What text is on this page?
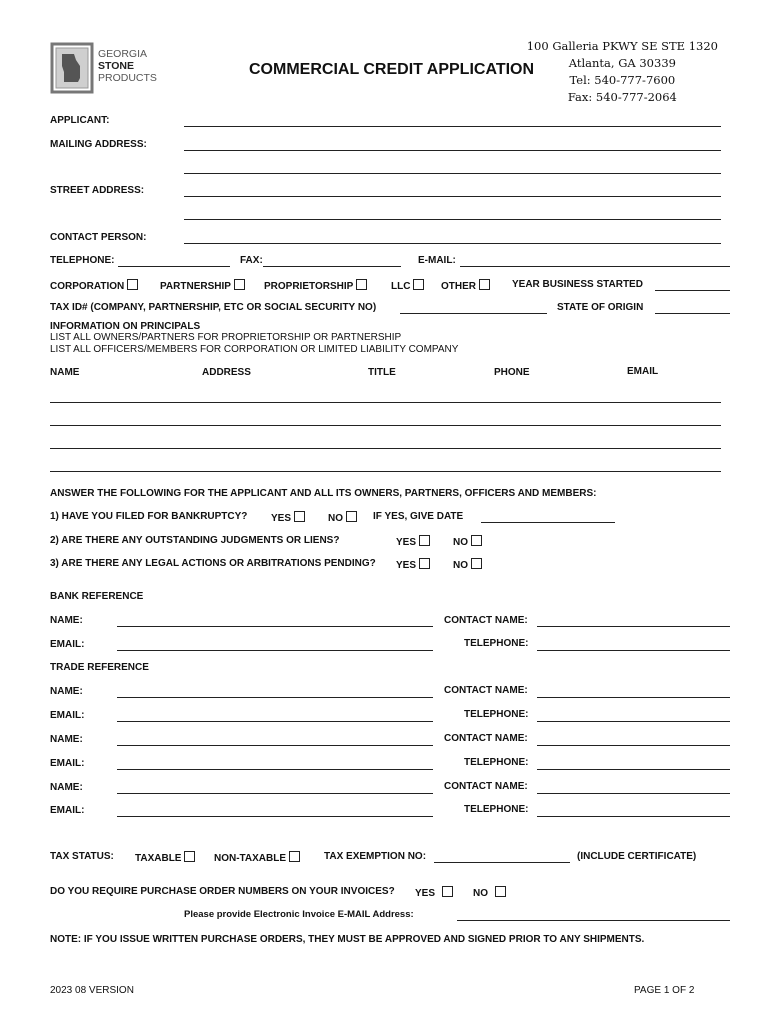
GEORGIA
STONE
PRODUCTS	COMMERCIAL CREDIT APPLICATION
100 Galleria PKWY SE STE 1320
Atlanta, GA 30339
Tel: 540-777-7600
Fax: 540-777-2064
APPLICANT:
MAILING ADDRESS:
STREET ADDRESS:
CONTACT PERSON:
TELEPHONE:	FAX:	E-MAIL:
CORPORATION	PARTNERSHIP	PROPRIETORSHIP	LLC	OTHER	YEAR BUSINESS STARTED
TAX ID# (COMPANY, PARTNERSHIP, ETC OR SOCIAL SECURITY NO)	STATE OF ORIGIN
INFORMATION ON PRINCIPALS
LIST ALL OWNERS/PARTNERS FOR PROPRIETORSHIP OR PARTNERSHIP
LIST ALL OFFICERS/MEMBERS FOR CORPORATION OR LIMITED LIABILITY COMPANY
NAME	ADDRESS	TITLE	PHONE	EMAIL
ANSWER THE FOLLOWING FOR THE APPLICANT AND ALL ITS OWNERS, PARTNERS, OFFICERS AND MEMBERS:
1) HAVE YOU FILED FOR BANKRUPTCY? YES	NO	IF YES, GIVE DATE
2) ARE THERE ANY OUTSTANDING JUDGMENTS OR LIENS?	YES	NO
3) ARE THERE ANY LEGAL ACTIONS OR ARBITRATIONS PENDING? YES	NO
BANK REFERENCE
NAME:	CONTACT NAME:
EMAIL:	TELEPHONE:
TRADE REFERENCE
NAME:	CONTACT NAME:
EMAIL:	TELEPHONE:
NAME:	CONTACT NAME:
EMAIL:	TELEPHONE:
NAME:	CONTACT NAME:
EMAIL:	TELEPHONE:
TAX STATUS: TAXABLE	NON-TAXABLE	TAX EXEMPTION NO:	(INCLUDE CERTIFICATE)
DO YOU REQUIRE PURCHASE ORDER NUMBERS ON YOUR INVOICES? YES	NO
Please provide Electronic Invoice E-MAIL Address:
NOTE: IF YOU ISSUE WRITTEN PURCHASE ORDERS, THEY MUST BE APPROVED AND SIGNED PRIOR TO ANY SHIPMENTS.
2023 08 VERSION	PAGE 1 OF 2
